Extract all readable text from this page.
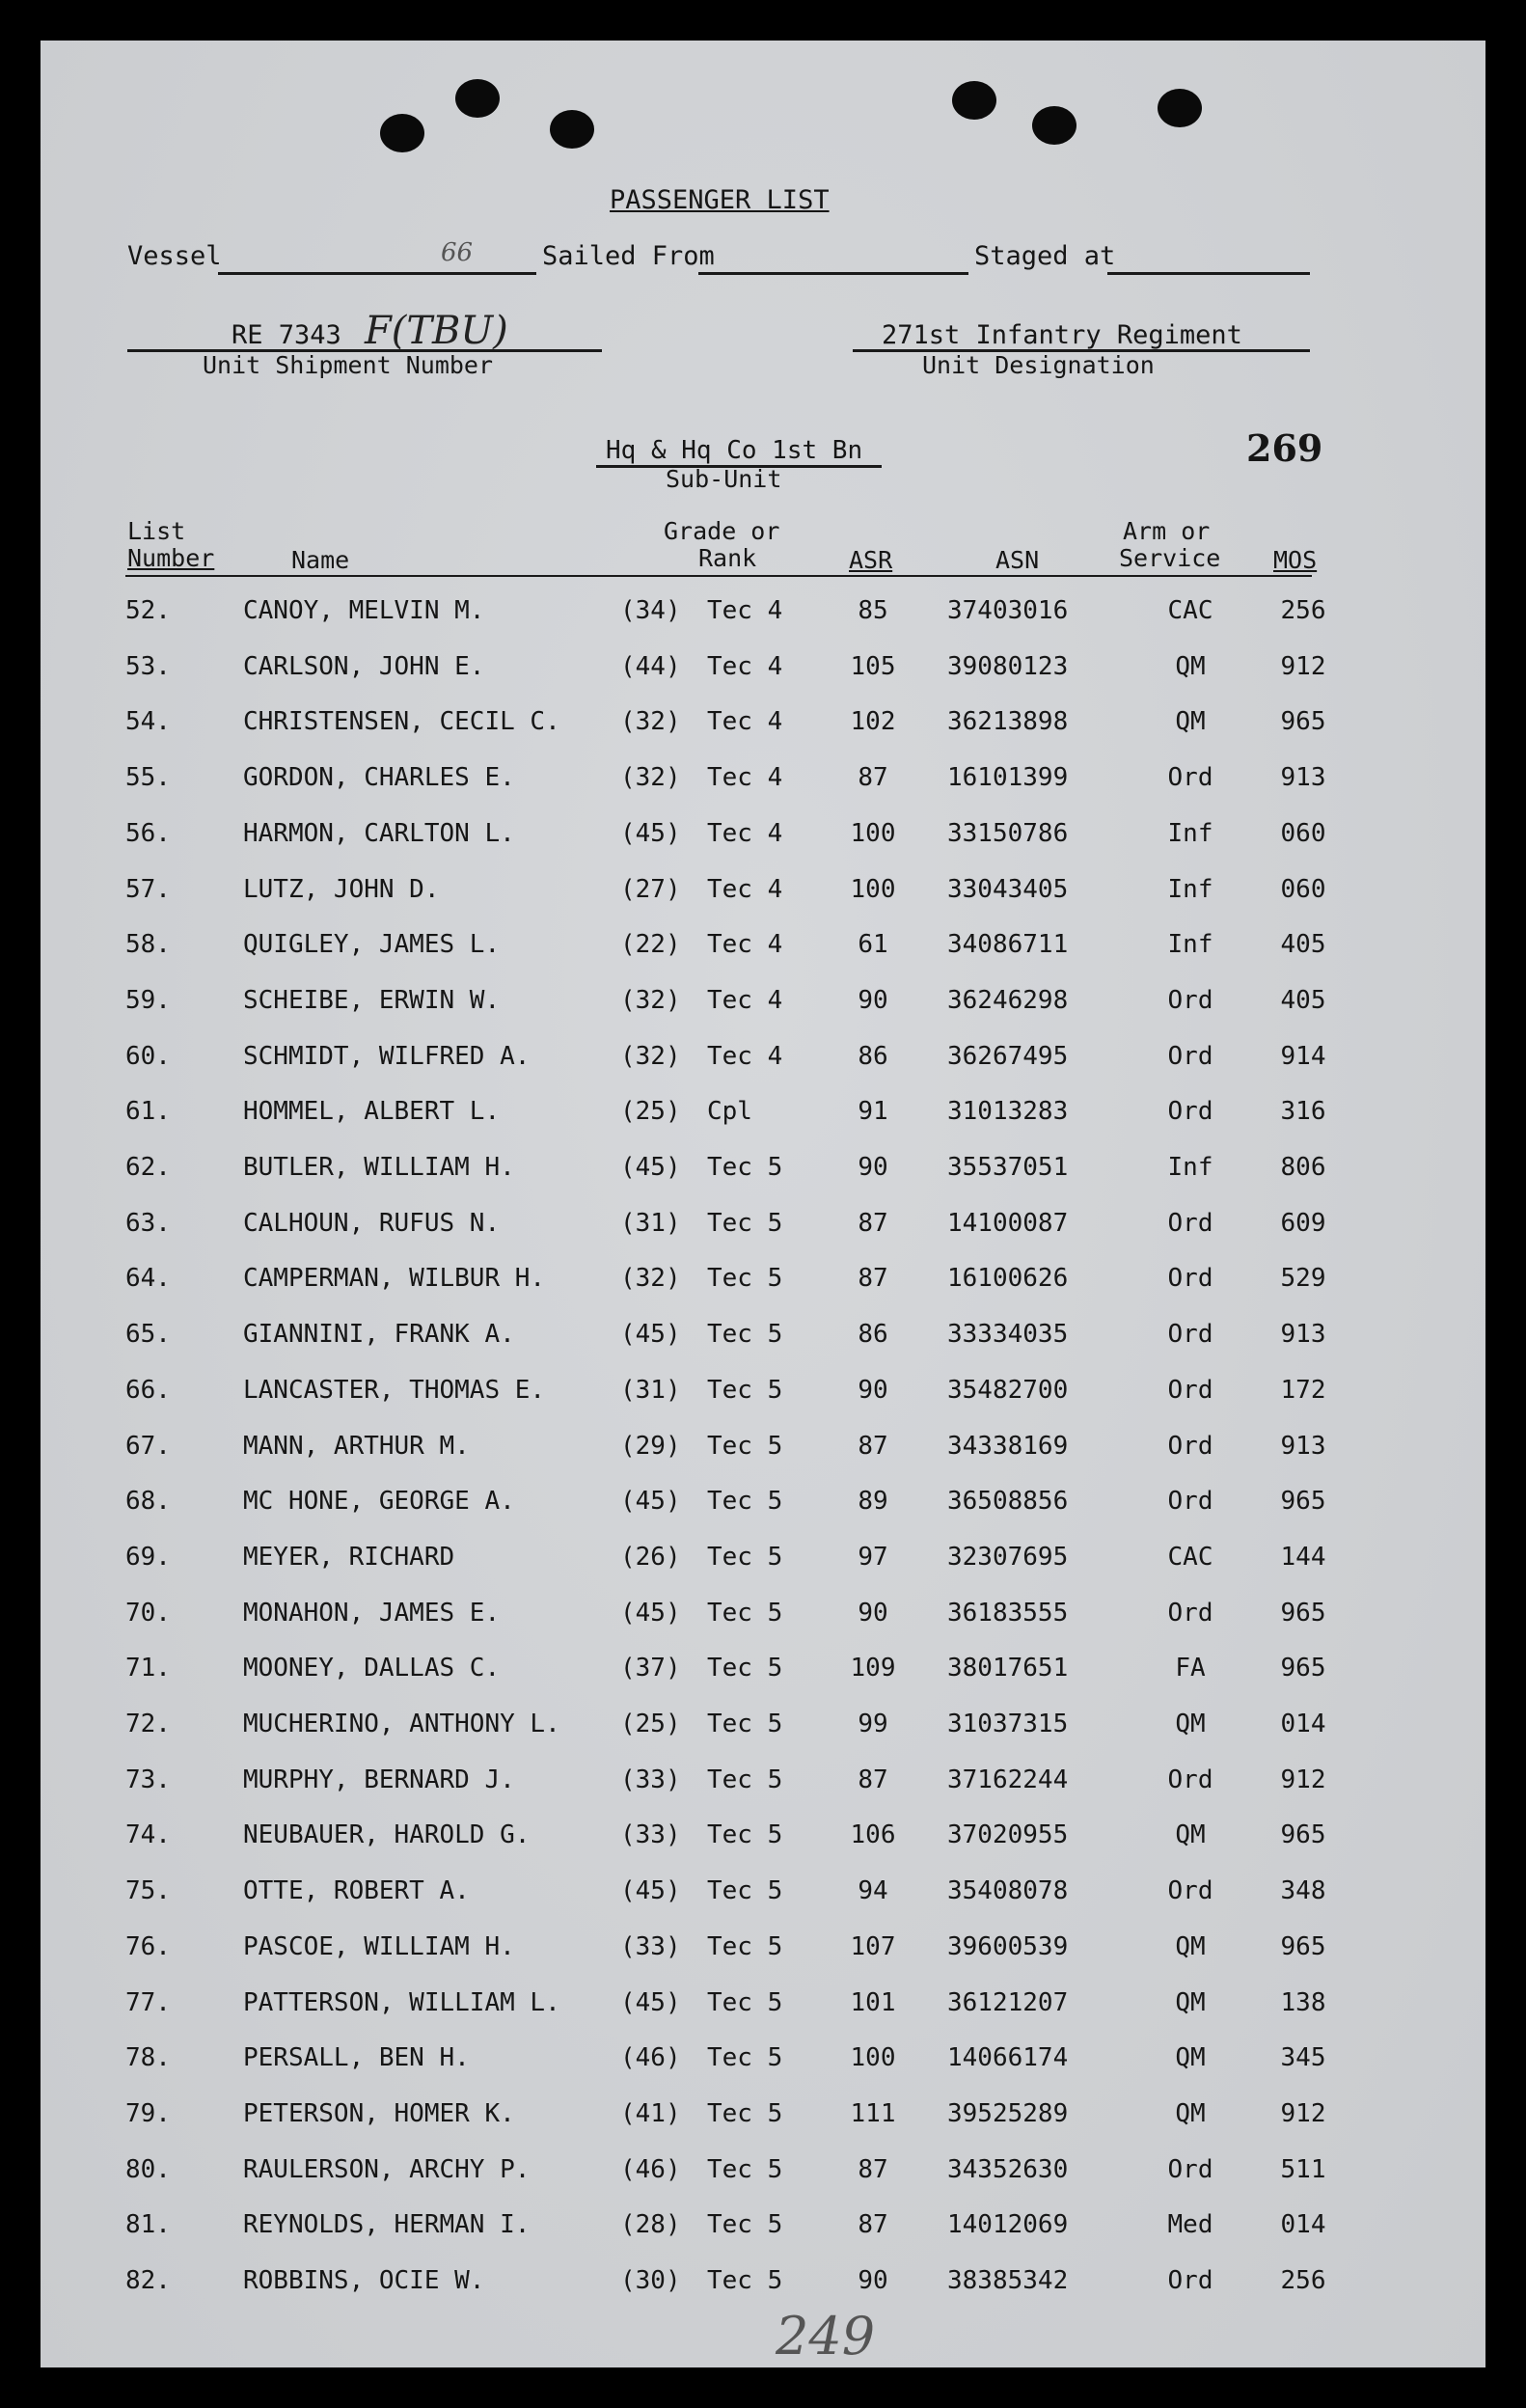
PASSENGER LIST
Vessel	66	Sailed From	Staged at
RE 7343 F(TBU)
Unit Shipment Number
271st Infantry Regiment
Unit Designation
Hq & Hq Co 1st Bn
Sub-Unit
269
List
Number	Name
Grade or
Rank	ASR	ASN
Arm or
Service MOS
52.	CANOY, MELVIN M.	(34) Tec 4	85	37403016	CAC	256
53.	CARLSON, JOHN E.	(44) Tec 4	105	39080123	QM	912
54.	CHRISTENSEN, CECIL C. (32) Tec 4	102	36213898	QM	965
55.	GORDON, CHARLES E.	(32) Tec 4	87	16101399	Ord	913
56.	HARMON, CARLTON L.	(45) Tec 4	100	33150786	Inf	060
57.	LUTZ, JOHN D.	(27) Tec 4	100	33043405	Inf	060
58.	QUIGLEY, JAMES L.	(22) Tec 4	61	34086711	Inf	405
59.	SCHEIBE, ERWIN W.	(32) Tec 4	90	36246298	Ord	405
60.	SCHMIDT, WILFRED A.	(32) Tec 4	86	36267495	Ord	914
61.	HOMMEL, ALBERT L.	(25) Cpl	91	31013283	Ord	316
62.	BUTLER, WILLIAM H.	(45) Tec 5	90	35537051	Inf	806
63.	CALHOUN, RUFUS N.	(31) Tec 5	87	14100087	Ord	609
64.	CAMPERMAN, WILBUR H.	(32) Tec 5	87	16100626	Ord	529
65.	GIANNINI, FRANK A.	(45) Tec 5	86	33334035	Ord	913
66.	LANCASTER, THOMAS E.	(31) Tec 5	90	35482700	Ord	172
67.	MANN, ARTHUR M.	(29) Tec 5	87	34338169	Ord	913
68.	MC HONE, GEORGE A.	(45) Tec 5	89	36508856	Ord	965
69.	MEYER, RICHARD	(26) Tec 5	97	32307695	CAC	144
70.	MONAHON, JAMES E.	(45) Tec 5	90	36183555	Ord	965
71.	MOONEY, DALLAS C.	(37) Tec 5	109	38017651	FA	965
72.	MUCHERINO, ANTHONY L. (25) Tec 5	99	31037315	QM	014
73.	MURPHY, BERNARD J.	(33) Tec 5	87	37162244	Ord	912
74.	NEUBAUER, HAROLD G.	(33) Tec 5	106	37020955	QM	965
75.	OTTE, ROBERT A.	(45) Tec 5	94	35408078	Ord	348
76.	PASCOE, WILLIAM H.	(33) Tec 5	107	39600539	QM	965
77.	PATTERSON, WILLIAM L. (45) Tec 5	101	36121207	QM	138
78.	PERSALL, BEN H.	(46) Tec 5	100	14066174	QM	345
79.	PETERSON, HOMER K.	(41) Tec 5	111	39525289	QM	912
80.	RAULERSON, ARCHY P.	(46) Tec 5	87	34352630	Ord	511
81.	REYNOLDS, HERMAN I.	(28) Tec 5	87	14012069	Med	014
82.	ROBBINS, OCIE W.	(30) Tec 5	90	38385342	Ord	256
249
